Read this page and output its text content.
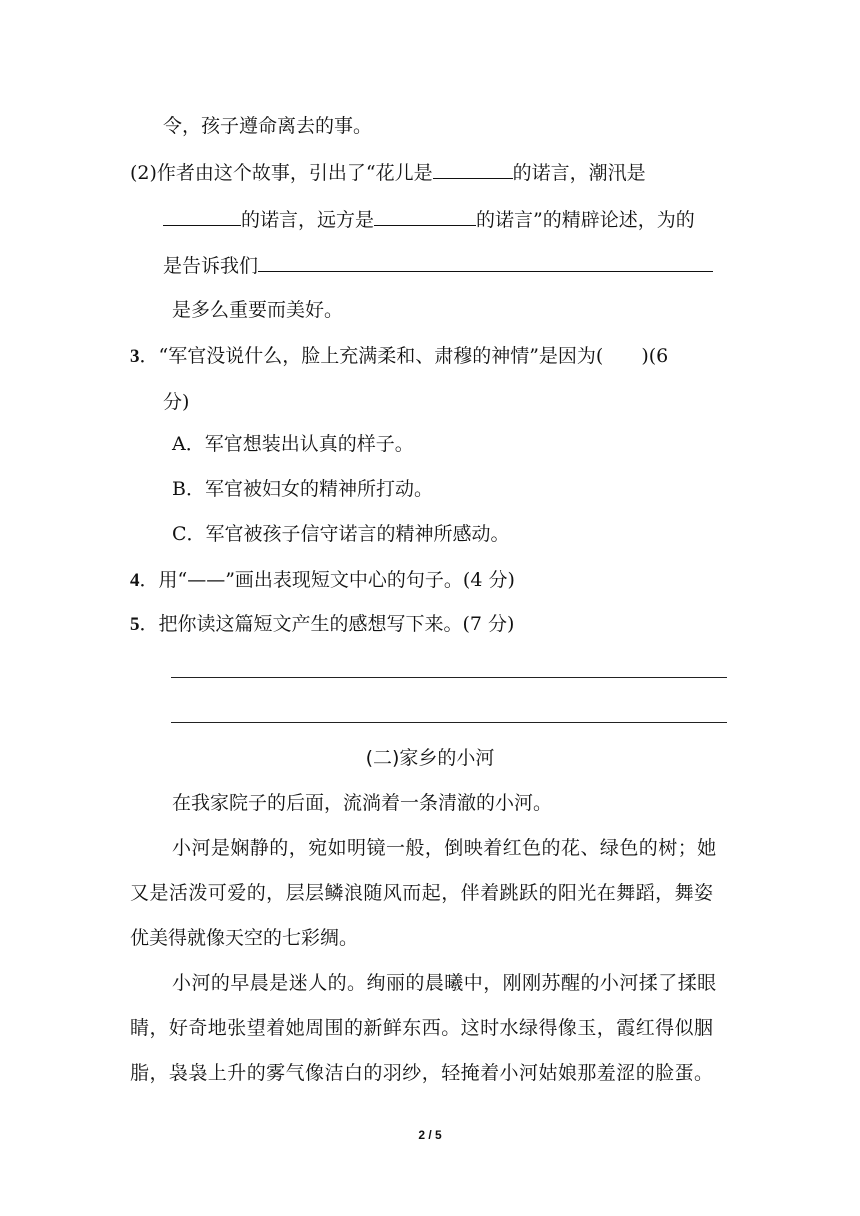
令，孩子遵命离去的事。
(2)作者由这个故事，引出了“花儿是	的诺言，潮汛是
的诺言，远方是	的诺言”的精辟论述，为的
是告诉我们
是多么重要而美好。
3．“军官没说什么，脸上充满柔和、肃穆的神情”是因为(　　)(6
分)
A．军官想装出认真的样子。
B．军官被妇女的精神所打动。
C．军官被孩子信守诺言的精神所感动。
4．用“——”画出表现短文中心的句子。(4 分)
5．把你读这篇短文产生的感想写下来。(7 分)
(二)家乡的小河
在我家院子的后面，流淌着一条清澈的小河。
小河是娴静的，宛如明镜一般，倒映着红色的花、绿色的树；她
又是活泼可爱的，层层鳞浪随风而起，伴着跳跃的阳光在舞蹈，舞姿
优美得就像天空的七彩绸。
小河的早晨是迷人的。绚丽的晨曦中，刚刚苏醒的小河揉了揉眼
睛，好奇地张望着她周围的新鲜东西。这时水绿得像玉，霞红得似胭
脂，袅袅上升的雾气像洁白的羽纱，轻掩着小河姑娘那羞涩的脸蛋。
2 / 5
